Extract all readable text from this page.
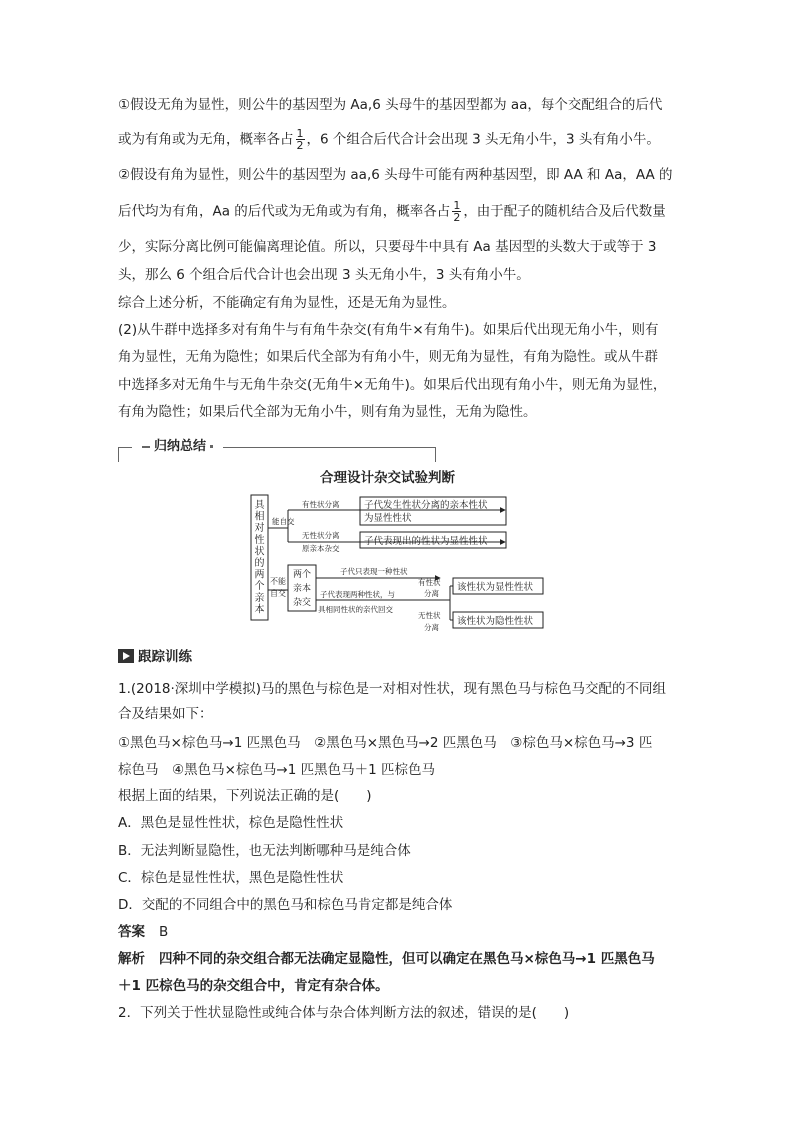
①假设无角为显性，则公牛的基因型为 Aa,6 头母牛的基因型都为 aa，每个交配组合的后代
或为有角或为无角，概率各占 $\frac{1}{2}$ ，6 个组合后代合计会出现 3 头无角小牛，3 头有角小牛。
②假设有角为显性，则公牛的基因型为 aa,6 头母牛可能有两种基因型，即 AA 和 Aa，AA 的
后代均为有角，Aa 的后代或为无角或为有角，概率各占 $\frac{1}{2}$ ，由于配子的随机结合及后代数量
少，实际分离比例可能偏离理论值。所以，只要母牛中具有 Aa 基因型的头数大于或等于 3
头，那么 6 个组合后代合计也会出现 3 头无角小牛，3 头有角小牛。
综合上述分析，不能确定有角为显性，还是无角为显性。
(2)从牛群中选择多对有角牛与有角牛杂交(有角牛×有角牛)。如果后代出现无角小牛，则有
角为显性，无角为隐性；如果后代全部为有角小牛，则无角为显性，有角为隐性。或从牛群
中选择多对无角牛与无角牛杂交(无角牛×无角牛)。如果后代出现有角小牛，则无角为显性，
有角为隐性；如果后代全部为无角小牛，则有角为显性，无角为隐性。
归纳总结
合理设计杂交试验判断
具
相
对
性
状
的
两
个
亲
本
能自交
不能
自交
有性状分离
无性状分离
原亲本杂交
子代只表现一种性状
子代表现两种性状，与
具相同性状的亲代回交
有性状
分离
无性状
分离
子代发生性状分离的亲本性状
为显性性状
子代表现出的性状为显性性状
该性状为显性性状
该性状为隐性性状
两个
亲本
杂交
跟踪训练
1.(2018·深圳中学模拟)马的黑色与棕色是一对相对性状，现有黑色马与棕色马交配的不同组
合及结果如下：
①黑色马×棕色马→1 匹黑色马　②黑色马×黑色马→2 匹黑色马　③棕色马×棕色马→3 匹
棕色马　④黑色马×棕色马→1 匹黑色马＋1 匹棕色马
根据上面的结果，下列说法正确的是(　　)
A．黑色是显性性状，棕色是隐性性状
B．无法判断显隐性，也无法判断哪种马是纯合体
C．棕色是显性性状，黑色是隐性性状
D．交配的不同组合中的黑色马和棕色马肯定都是纯合体
答案 B
解析 四种不同的杂交组合都无法确定显隐性，但可以确定在黑色马×棕色马→1 匹黑色马
＋1 匹棕色马的杂交组合中，肯定有杂合体。
2．下列关于性状显隐性或纯合体与杂合体判断方法的叙述，错误的是(　　)
